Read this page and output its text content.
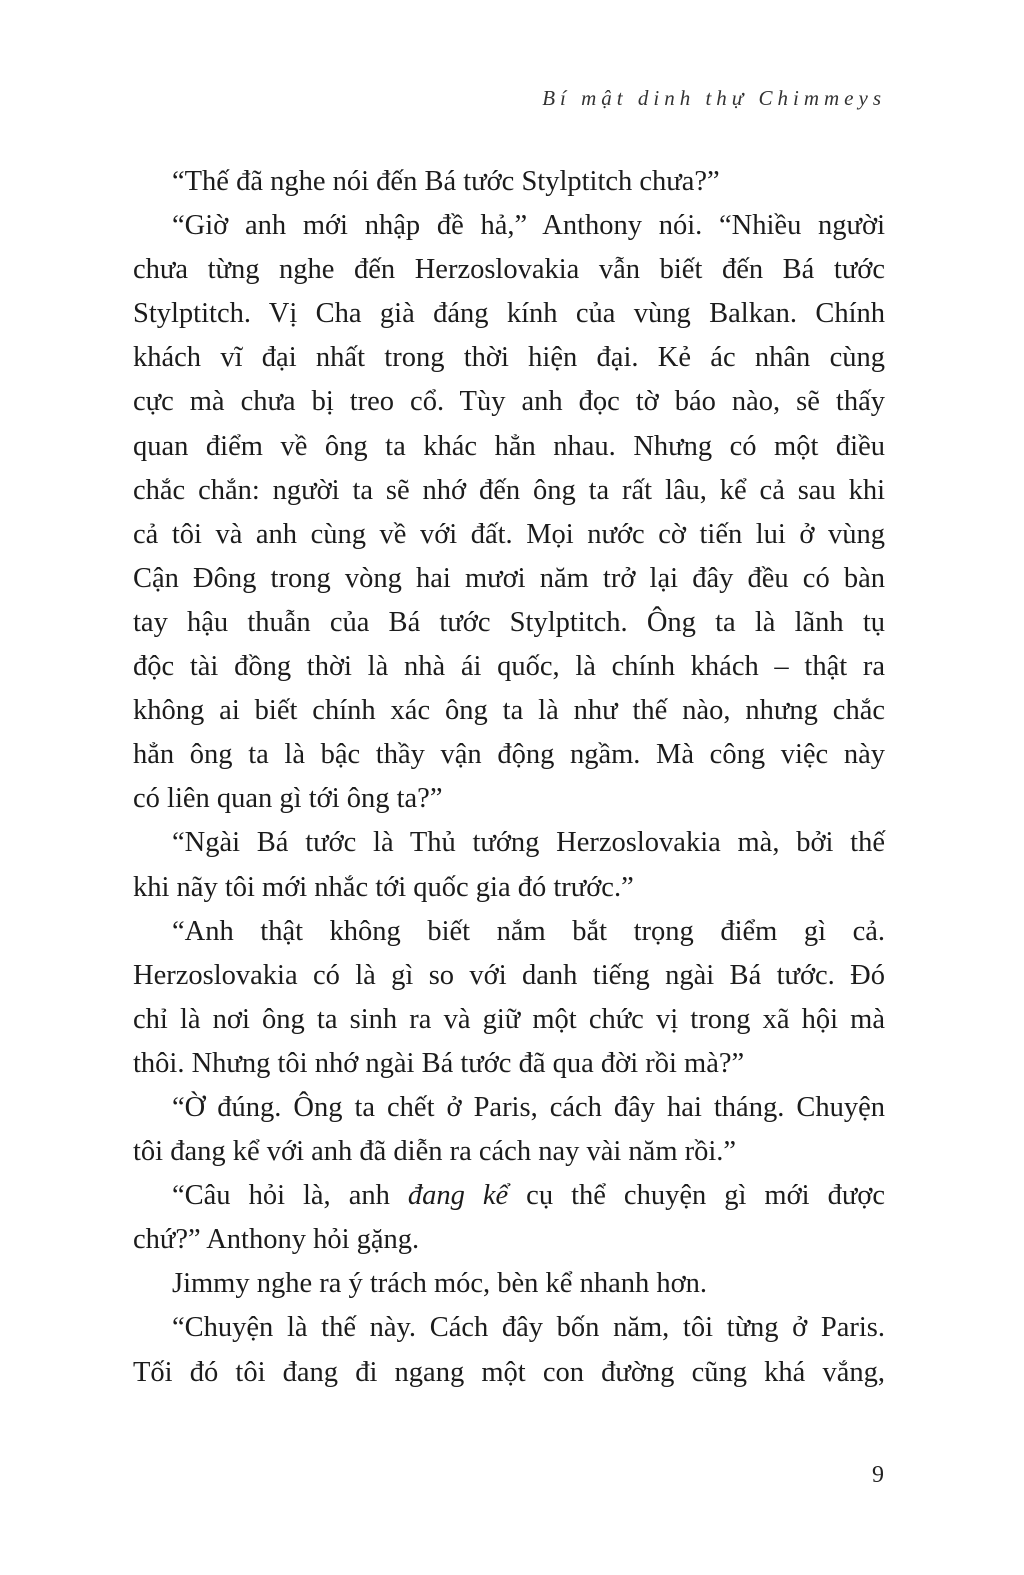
Bí mật dinh thự Chimmeys
“Thế đã nghe nói đến Bá tước Stylptitch chưa?”
“Giờ anh mới nhập đề hả,” Anthony nói. “Nhiều người
chưa từng nghe đến Herzoslovakia vẫn biết đến Bá tước
Stylptitch. Vị Cha già đáng kính của vùng Balkan. Chính
khách vĩ đại nhất trong thời hiện đại. Kẻ ác nhân cùng
cực mà chưa bị treo cổ. Tùy anh đọc tờ báo nào, sẽ thấy
quan điểm về ông ta khác hẳn nhau. Nhưng có một điều
chắc chắn: người ta sẽ nhớ đến ông ta rất lâu, kể cả sau khi
cả tôi và anh cùng về với đất. Mọi nước cờ tiến lui ở vùng
Cận Đông trong vòng hai mươi năm trở lại đây đều có bàn
tay hậu thuẫn của Bá tước Stylptitch. Ông ta là lãnh tụ
độc tài đồng thời là nhà ái quốc, là chính khách – thật ra
không ai biết chính xác ông ta là như thế nào, nhưng chắc
hẳn ông ta là bậc thầy vận động ngầm. Mà công việc này
có liên quan gì tới ông ta?”
“Ngài Bá tước là Thủ tướng Herzoslovakia mà, bởi thế
khi nãy tôi mới nhắc tới quốc gia đó trước.”
“Anh thật không biết nắm bắt trọng điểm gì cả.
Herzoslovakia có là gì so với danh tiếng ngài Bá tước. Đó
chỉ là nơi ông ta sinh ra và giữ một chức vị trong xã hội mà
thôi. Nhưng tôi nhớ ngài Bá tước đã qua đời rồi mà?”
“Ờ đúng. Ông ta chết ở Paris, cách đây hai tháng. Chuyện
tôi đang kể với anh đã diễn ra cách nay vài năm rồi.”
“Câu hỏi là, anh đang kể cụ thể chuyện gì mới được
chứ?” Anthony hỏi gặng.
Jimmy nghe ra ý trách móc, bèn kể nhanh hơn.
“Chuyện là thế này. Cách đây bốn năm, tôi từng ở Paris.
Tối đó tôi đang đi ngang một con đường cũng khá vắng,
9
